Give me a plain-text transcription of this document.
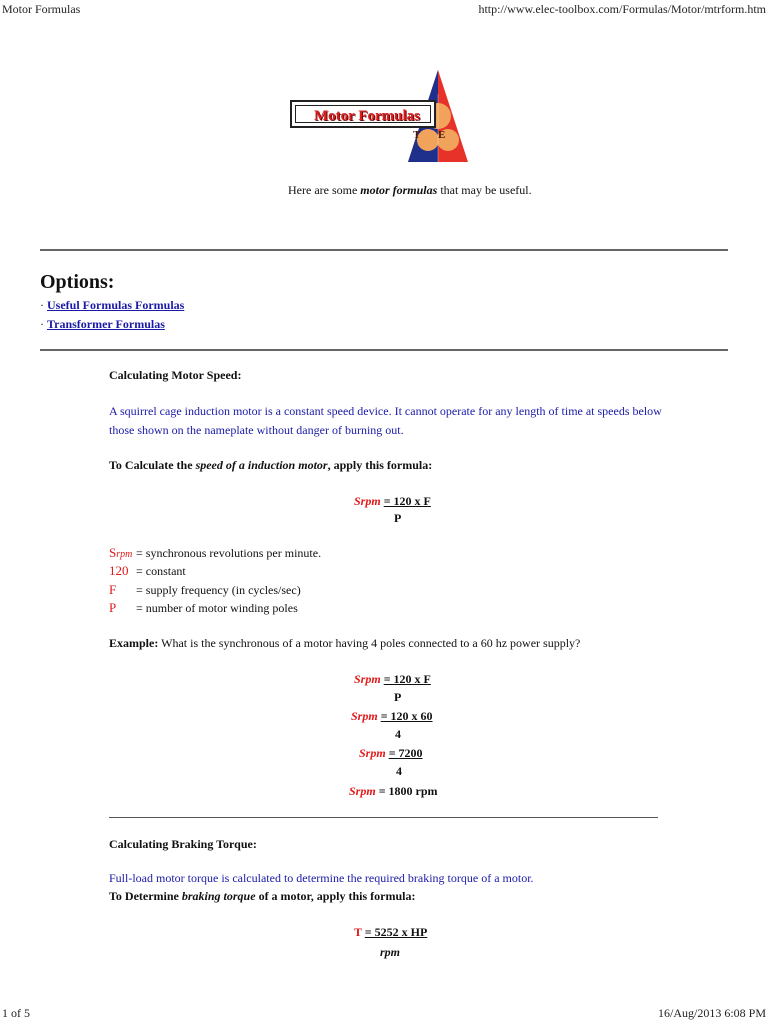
Motor Formulas	http://www.elec-toolbox.com/Formulas/Motor/mtrform.htm
T E
Motor Formulas
Here are some motor formulas that may be useful.
Options:
· Useful Formulas Formulas
· Transformer Formulas
Calculating Motor Speed:
A squirrel cage induction motor is a constant speed device. It cannot operate for any length of time at speeds below those shown on the nameplate without danger of burning out.
To Calculate the speed of a induction motor, apply this formula:
Srpm = 120 x F
P
Srpm = synchronous revolutions per minute.
120 = constant
F = supply frequency (in cycles/sec)
P = number of motor winding poles
Example: What is the synchronous of a motor having 4 poles connected to a 60 hz power supply?
Srpm = 120 x F
P
Srpm = 120 x 60
4
Srpm = 7200
4
Srpm = 1800 rpm
Calculating Braking Torque:
Full-load motor torque is calculated to determine the required braking torque of a motor.
To Determine braking torque of a motor, apply this formula:
T = 5252 x HP
rpm
1 of 5	16/Aug/2013 6:08 PM
